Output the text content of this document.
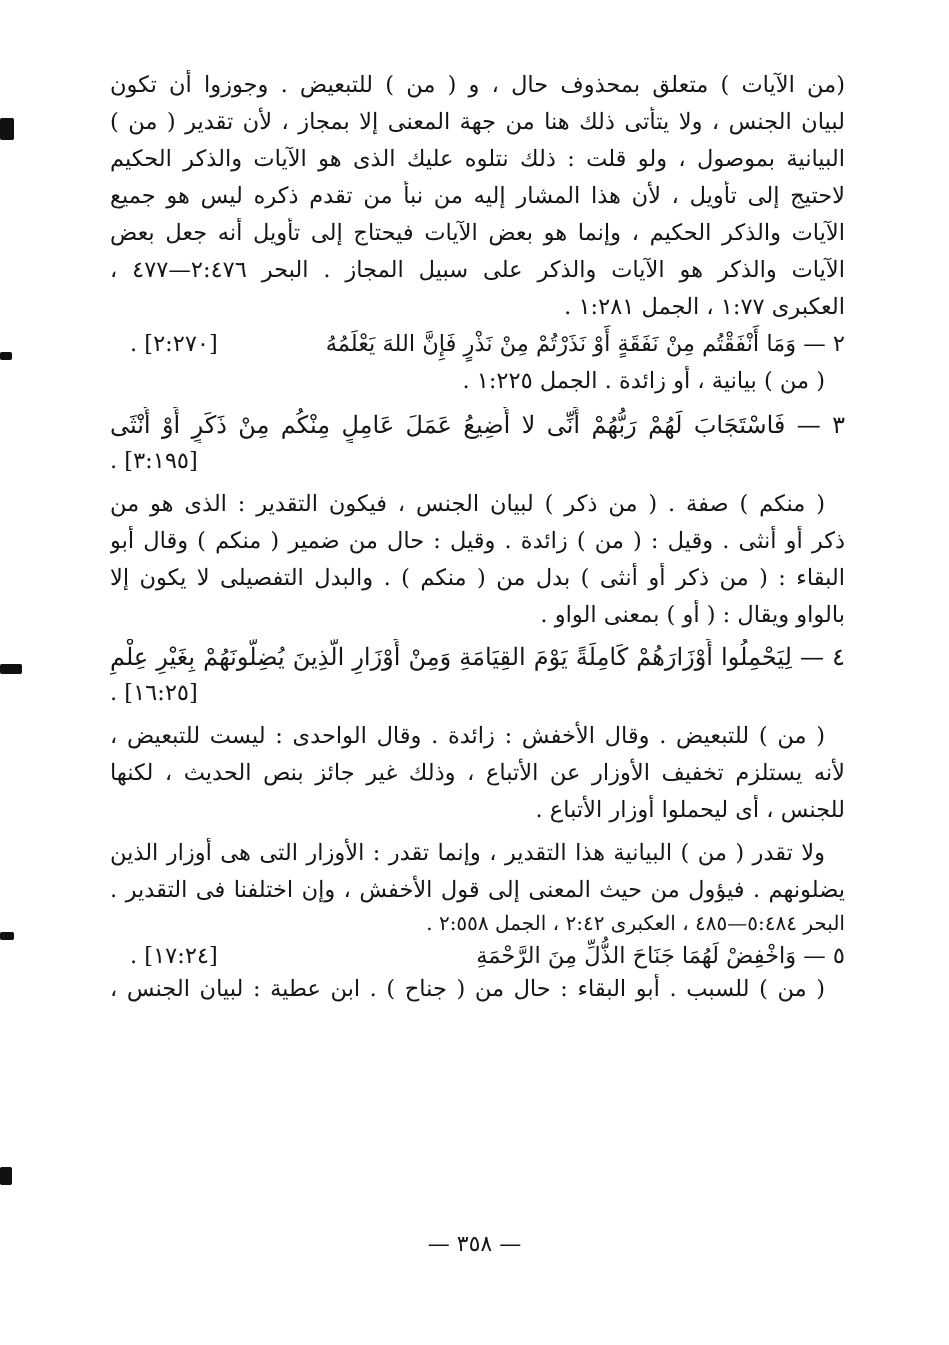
(من الآيات ) متعلق بمحذوف حال ، و ( من ) للتبعيض . وجوزوا أن تكون
لبيان الجنس ، ولا يتأتى ذلك هنا من جهة المعنى إلا بمجاز ، لأن تقدير ( من )
البيانية بموصول ، ولو قلت : ذلك نتلوه عليك الذى هو الآيات والذكر الحكيم
لاحتيج إلى تأويل ، لأن هذا المشار إليه من نبأ من تقدم ذكره ليس هو جميع
الآيات والذكر الحكيم ، وإنما هو بعض الآيات فيحتاج إلى تأويل أنه جعل بعض
الآيات والذكر هو الآيات والذكر على سبيل المجاز . البحر ٢:٤٧٦—٤٧٧ ،
العكبرى ١:٧٧ ، الجمل ١:٢٨١ .
٢ — وَمَا أَنْفَقْتُم مِنْ نَفَقَةٍ أَوْ نَذَرْتُمْ مِنْ نَذْرٍ فَإِنَّ اللهَ يَعْلَمُهُ
[٢:٢٧٠] .
( من ) بيانية ، أو زائدة . الجمل ١:٢٢٥ .
٣ — فَاسْتَجَابَ لَهُمْ رَبُّهُمْ أَنِّى لا أُضِيعُ عَمَلَ عَامِلٍ مِنْكُم مِنْ ذَكَرٍ أَوْ أُنْثَى
[٣:١٩٥] .
( منكم ) صفة . ( من ذكر ) لبيان الجنس ، فيكون التقدير : الذى هو من
ذكر أو أنثى . وقيل : ( من ) زائدة . وقيل : حال من ضمير ( منكم ) وقال أبو
البقاء : ( من ذكر أو أنثى ) بدل من ( منكم ) . والبدل التفصيلى لا يكون إلا
بالواو ويقال : ( أو ) بمعنى الواو .
٤ — لِيَحْمِلُوا أَوْزَارَهُمْ كَامِلَةً يَوْمَ القِيَامَةِ وَمِنْ أَوْزَارِ الَّذِينَ يُضِلُّونَهُمْ بِغَيْرِ عِلْمٍ
[١٦:٢٥] .
( من ) للتبعيض . وقال الأخفش : زائدة . وقال الواحدى : ليست للتبعيض ،
لأنه يستلزم تخفيف الأوزار عن الأتباع ، وذلك غير جائز بنص الحديث ، لكنها
للجنس ، أى ليحملوا أوزار الأتباع .
ولا تقدر ( من ) البيانية هذا التقدير ، وإنما تقدر : الأوزار التى هى أوزار الذين
يضلونهم . فيؤول من حيث المعنى إلى قول الأخفش ، وإن اختلفنا فى التقدير .
البحر ٥:٤٨٤—٤٨٥ ، العكبرى ٢:٤٢ ، الجمل ٢:٥٥٨ .
٥ — وَاخْفِضْ لَهُمَا جَنَاحَ الذُّلِّ مِنَ الرَّحْمَةِ
[١٧:٢٤] .
( من ) للسبب . أبو البقاء : حال من ( جناح ) . ابن عطية : لبيان الجنس ،
— ٣٥٨ —
